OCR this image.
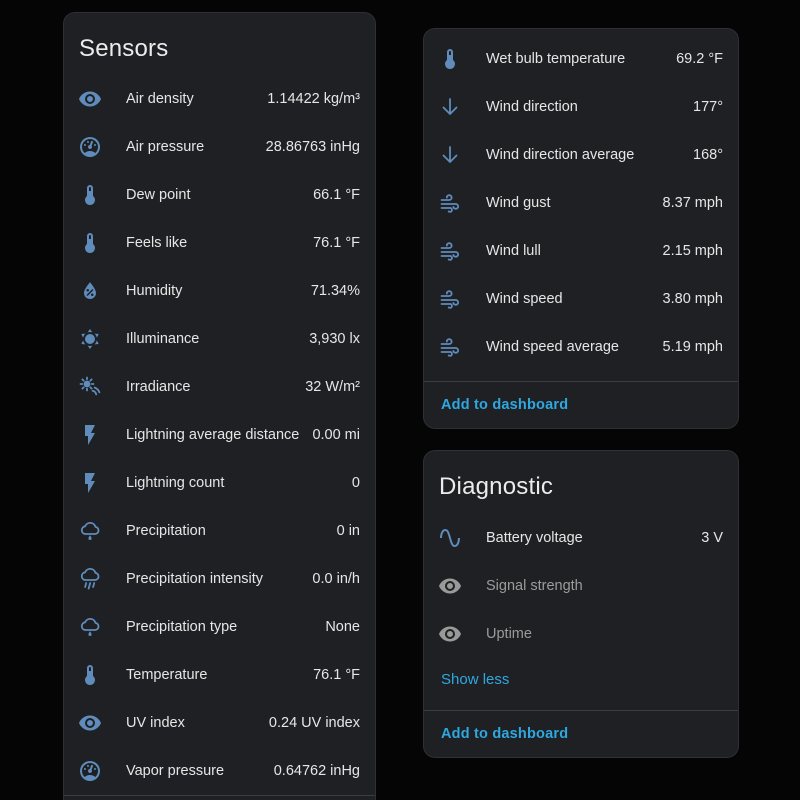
Sensors
Air density	1.14422 kg/m³
Air pressure	28.86763 inHg
Dew point	66.1 °F
Feels like	76.1 °F
Humidity	71.34%
Illuminance	3,930 lx
Irradiance	32 W/m²
Lightning average distance 0.00 mi
Lightning count	0
Precipitation	0 in
Precipitation intensity	0.0 in/h
Precipitation type	None
Temperature	76.1 °F
UV index	0.24 UV index
Vapor pressure	0.64762 inHg
Wet bulb temperature	69.2 °F
Wind direction	177°
Wind direction average	168°
Wind gust	8.37 mph
Wind lull	2.15 mph
Wind speed	3.80 mph
Wind speed average	5.19 mph
Add to dashboard
Diagnostic
Battery voltage	3 V
Signal strength
Uptime
Show less
Add to dashboard
